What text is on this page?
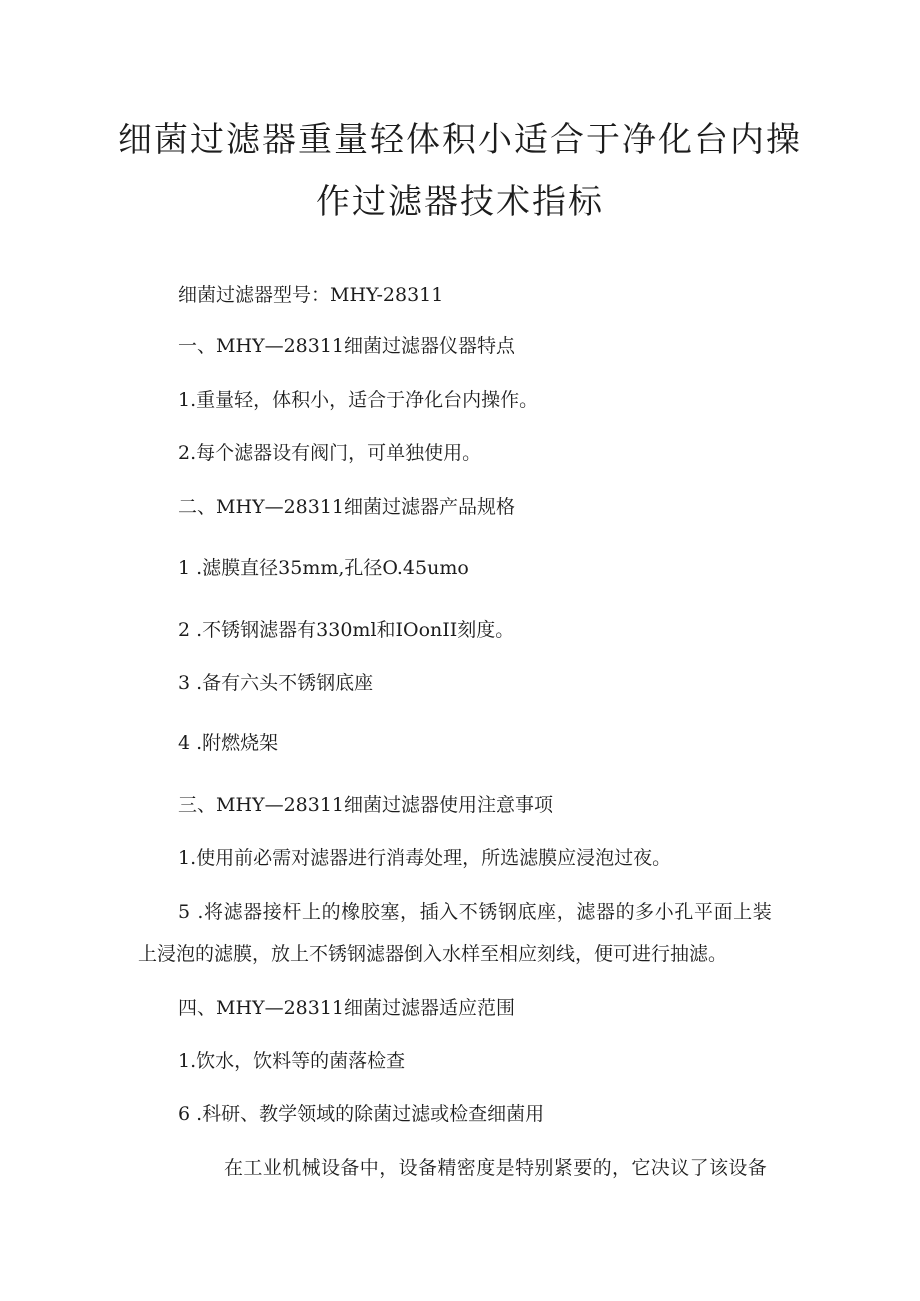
细菌过滤器重量轻体积小适合于净化台内操
作过滤器技术指标

细菌过滤器型号：MHY-28311

一、MHY—28311细菌过滤器仪器特点

1.重量轻，体积小，适合于净化台内操作。

2.每个滤器设有阀门，可单独使用。

二、MHY—28311细菌过滤器产品规格

1 .滤膜直径35mm,孔径O.45umo

2 .不锈钢滤器有330ml和IOonII刻度。

3 .备有六头不锈钢底座

4 .附燃烧架

三、MHY—28311细菌过滤器使用注意事项

1.使用前必需对滤器进行消毒处理，所选滤膜应浸泡过夜。

5 .将滤器接杆上的橡胶塞，插入不锈钢底座，滤器的多小孔平面上装

上浸泡的滤膜，放上不锈钢滤器倒入水样至相应刻线，便可进行抽滤。

四、MHY—28311细菌过滤器适应范围

1.饮水，饮料等的菌落检查

6 .科研、教学领域的除菌过滤或检查细菌用

在工业机械设备中，设备精密度是特别紧要的，它决议了该设备
